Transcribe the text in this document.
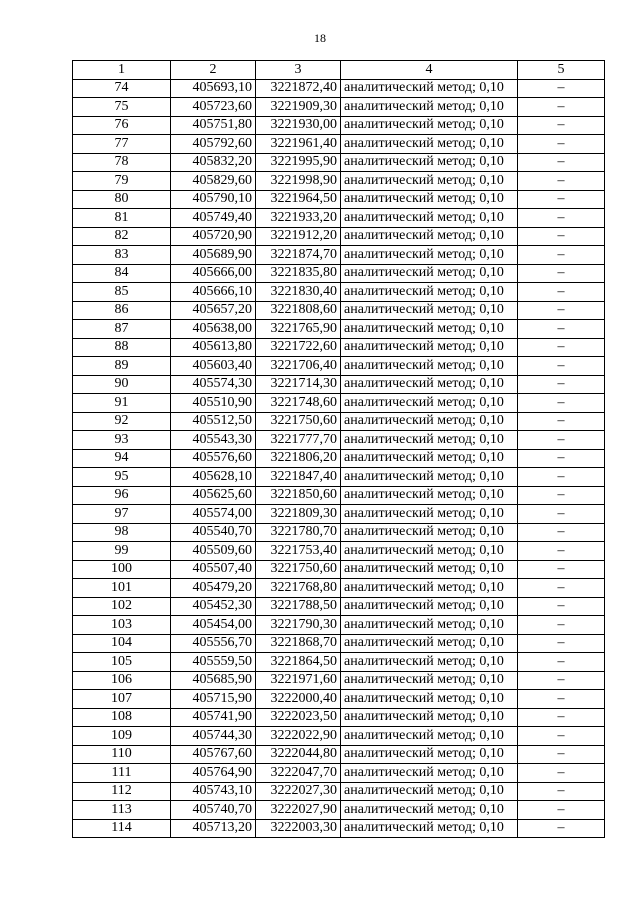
18
1	2	3	4	5
74	405693,10	3221872,40	аналитический метод; 0,10	–
75	405723,60	3221909,30	аналитический метод; 0,10	–
76	405751,80	3221930,00	аналитический метод; 0,10	–
77	405792,60	3221961,40	аналитический метод; 0,10	–
78	405832,20	3221995,90	аналитический метод; 0,10	–
79	405829,60	3221998,90	аналитический метод; 0,10	–
80	405790,10	3221964,50	аналитический метод; 0,10	–
81	405749,40	3221933,20	аналитический метод; 0,10	–
82	405720,90	3221912,20	аналитический метод; 0,10	–
83	405689,90	3221874,70	аналитический метод; 0,10	–
84	405666,00	3221835,80	аналитический метод; 0,10	–
85	405666,10	3221830,40	аналитический метод; 0,10	–
86	405657,20	3221808,60	аналитический метод; 0,10	–
87	405638,00	3221765,90	аналитический метод; 0,10	–
88	405613,80	3221722,60	аналитический метод; 0,10	–
89	405603,40	3221706,40	аналитический метод; 0,10	–
90	405574,30	3221714,30	аналитический метод; 0,10	–
91	405510,90	3221748,60	аналитический метод; 0,10	–
92	405512,50	3221750,60	аналитический метод; 0,10	–
93	405543,30	3221777,70	аналитический метод; 0,10	–
94	405576,60	3221806,20	аналитический метод; 0,10	–
95	405628,10	3221847,40	аналитический метод; 0,10	–
96	405625,60	3221850,60	аналитический метод; 0,10	–
97	405574,00	3221809,30	аналитический метод; 0,10	–
98	405540,70	3221780,70	аналитический метод; 0,10	–
99	405509,60	3221753,40	аналитический метод; 0,10	–
100	405507,40	3221750,60	аналитический метод; 0,10	–
101	405479,20	3221768,80	аналитический метод; 0,10	–
102	405452,30	3221788,50	аналитический метод; 0,10	–
103	405454,00	3221790,30	аналитический метод; 0,10	–
104	405556,70	3221868,70	аналитический метод; 0,10	–
105	405559,50	3221864,50	аналитический метод; 0,10	–
106	405685,90	3221971,60	аналитический метод; 0,10	–
107	405715,90	3222000,40	аналитический метод; 0,10	–
108	405741,90	3222023,50	аналитический метод; 0,10	–
109	405744,30	3222022,90	аналитический метод; 0,10	–
110	405767,60	3222044,80	аналитический метод; 0,10	–
111	405764,90	3222047,70	аналитический метод; 0,10	–
112	405743,10	3222027,30	аналитический метод; 0,10	–
113	405740,70	3222027,90	аналитический метод; 0,10	–
114	405713,20	3222003,30	аналитический метод; 0,10	–
